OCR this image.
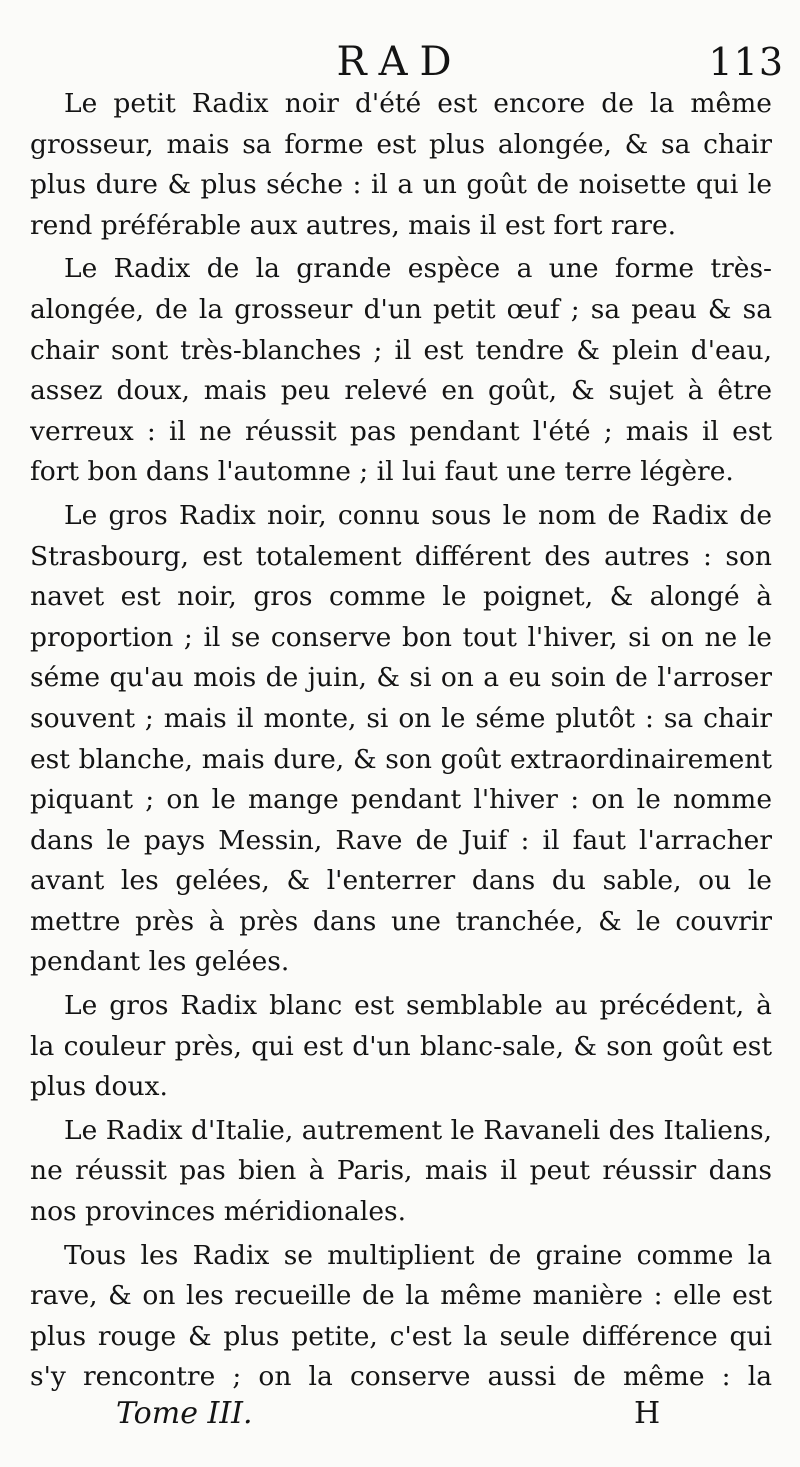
RAD	113

Le petit Radix noir d'été est encore de la même grosseur, mais sa forme est plus alongée, & sa chair plus dure & plus séche : il a un goût de noisette qui le rend préférable aux autres, mais il est fort rare.

Le Radix de la grande espèce a une forme très-alongée, de la grosseur d'un petit œuf ; sa peau & sa chair sont très-blanches ; il est tendre & plein d'eau, assez doux, mais peu relevé en goût, & sujet à être verreux : il ne réussit pas pendant l'été ; mais il est fort bon dans l'automne ; il lui faut une terre légère.

Le gros Radix noir, connu sous le nom de Radix de Strasbourg, est totalement différent des autres : son navet est noir, gros comme le poignet, & alongé à proportion ; il se conserve bon tout l'hiver, si on ne le séme qu'au mois de juin, & si on a eu soin de l'arroser souvent ; mais il monte, si on le séme plutôt : sa chair est blanche, mais dure, & son goût extraordinairement piquant ; on le mange pendant l'hiver : on le nomme dans le pays Messin, Rave de Juif : il faut l'arracher avant les gelées, & l'enterrer dans du sable, ou le mettre près à près dans une tranchée, & le couvrir pendant les gelées.

Le gros Radix blanc est semblable au précédent, à la couleur près, qui est d'un blanc-sale, & son goût est plus doux.

Le Radix d'Italie, autrement le Ravaneli des Italiens, ne réussit pas bien à Paris, mais il peut réussir dans nos provinces méridionales.

Tous les Radix se multiplient de graine comme la rave, & on les recueille de la même manière : elle est plus rouge & plus petite, c'est la seule différence qui s'y rencontre ; on la conserve aussi de même : la

Tome III.	H
